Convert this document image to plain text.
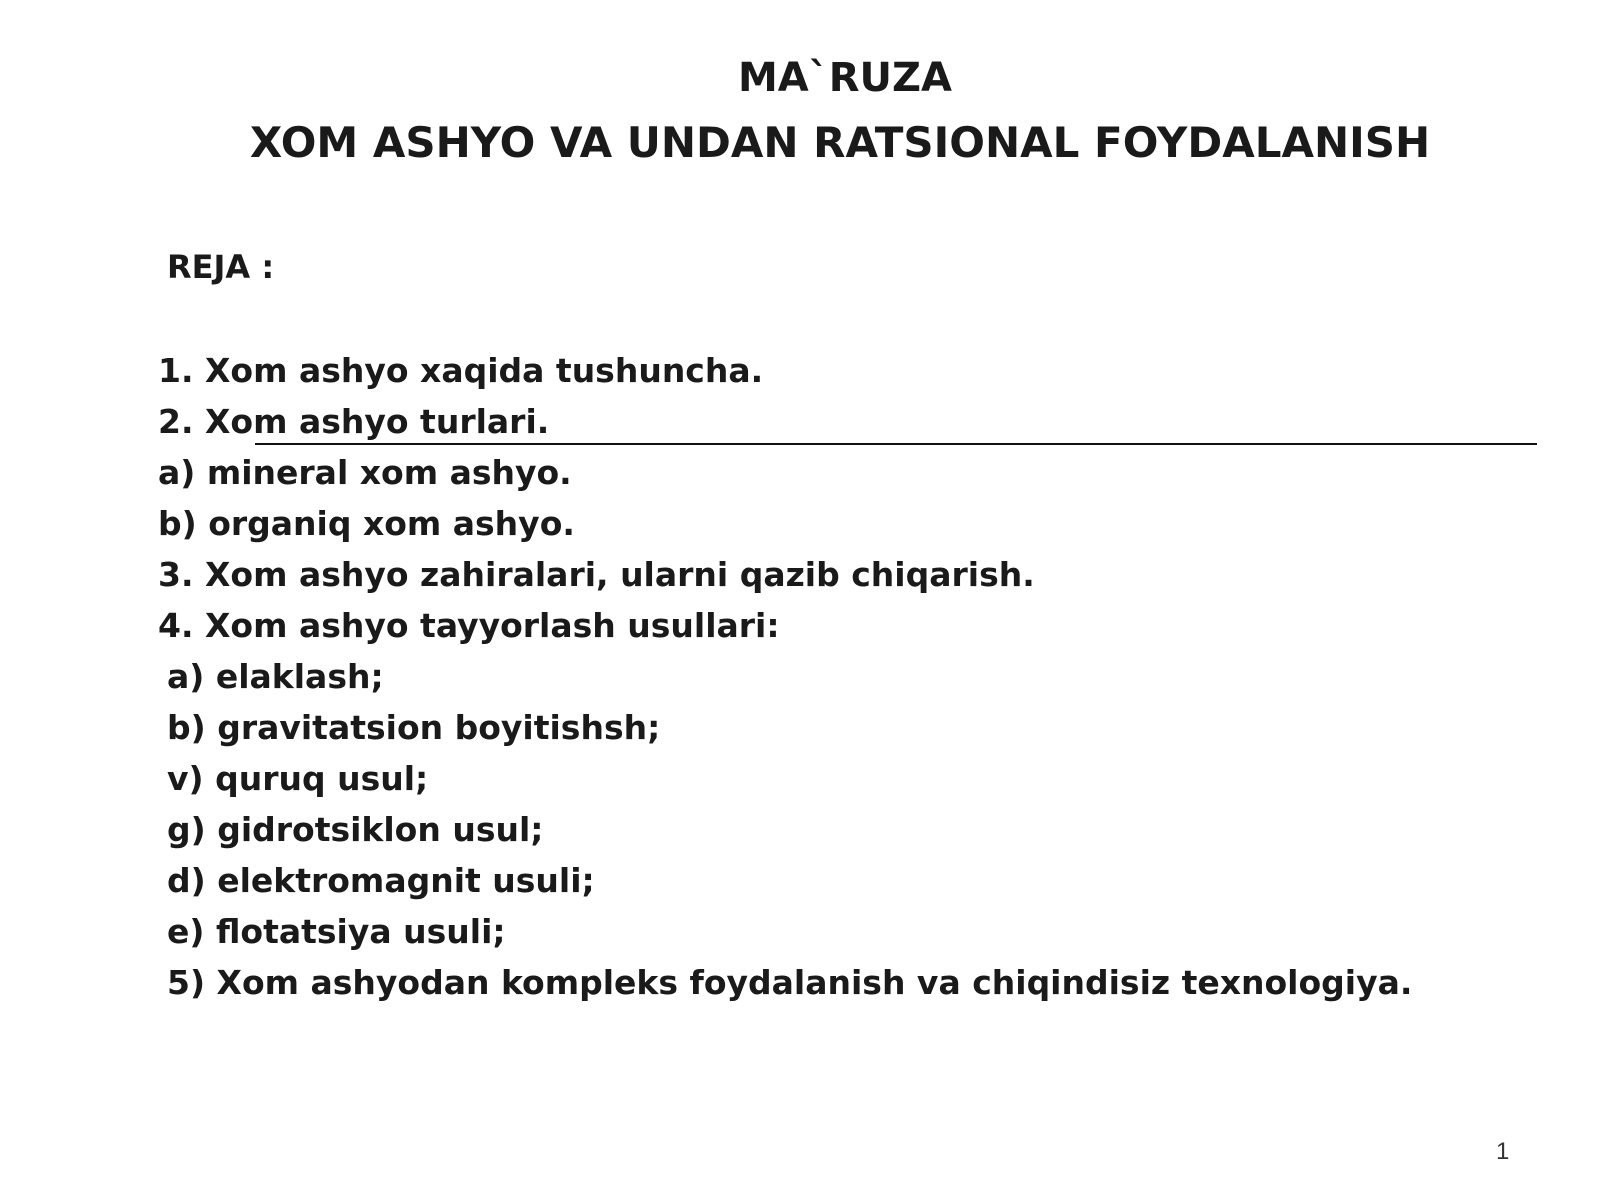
MA`RUZA
XOM ASHYO VA UNDAN RATSIONAL FOYDALANISH

REJA :

1. Xom ashyo xaqida tushuncha.
2. Xom ashyo turlari.
a) mineral xom ashyo.
b) organiq xom ashyo.
3. Xom ashyo zahiralari, ularni qazib chiqarish.
4. Xom ashyo tayyorlash usullari:
a) elaklash;
b) gravitatsion boyitishsh;
v) quruq usul;
g) gidrotsiklon usul;
d) elektromagnit usuli;
e) flotatsiya usuli;
5) Xom ashyodan kompleks foydalanish va chiqindisiz texnologiya.
1
